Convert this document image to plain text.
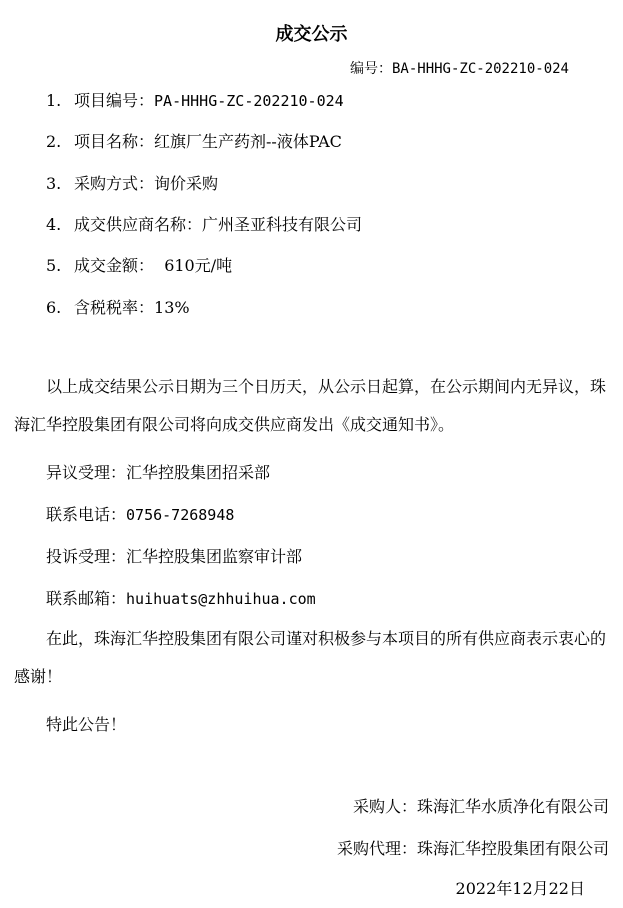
成交公示
编号：BA-HHHG-ZC-202210-024
1. 项目编号：PA-HHHG-ZC-202210-024
2. 项目名称：红旗厂生产药剂--液体PAC
3. 采购方式：询价采购
4. 成交供应商名称：广州圣亚科技有限公司
5. 成交金额： 610元/吨
6. 含税税率：13%
以上成交结果公示日期为三个日历天，从公示日起算，在公示期间内无异议，珠海汇华控股集团有限公司将向成交供应商发出《成交通知书》。
异议受理：汇华控股集团招采部
联系电话：0756-7268948
投诉受理：汇华控股集团监察审计部
联系邮箱：huihuats@zhhuihua.com
在此，珠海汇华控股集团有限公司谨对积极参与本项目的所有供应商表示衷心的感谢！
特此公告！
采购人：珠海汇华水质净化有限公司
采购代理：珠海汇华控股集团有限公司
2022年12月22日
